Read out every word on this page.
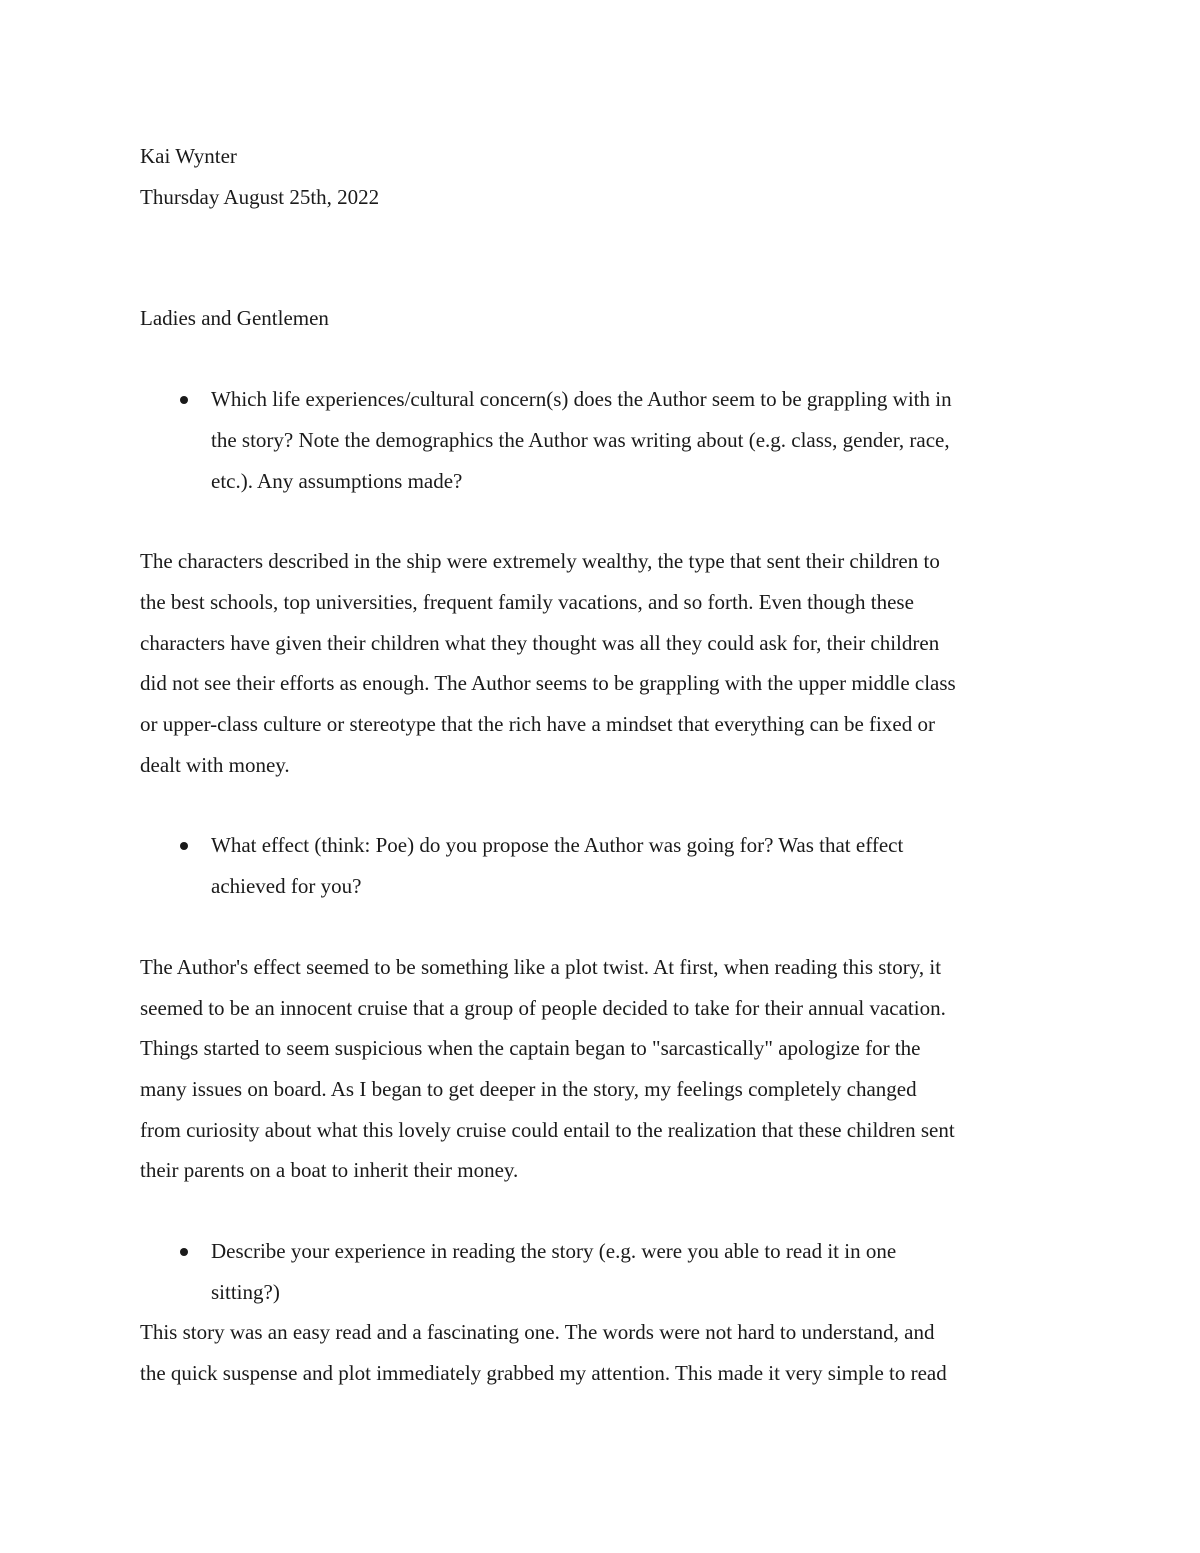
Kai Wynter

Thursday August 25th, 2022

Ladies and Gentlemen

Which life experiences/cultural concern(s) does the Author seem to be grappling with in
the story? Note the demographics the Author was writing about (e.g. class, gender, race,
etc.). Any assumptions made?
The characters described in the ship were extremely wealthy, the type that sent their children to
the best schools, top universities, frequent family vacations, and so forth. Even though these
characters have given their children what they thought was all they could ask for, their children
did not see their efforts as enough. The Author seems to be grappling with the upper middle class
or upper-class culture or stereotype that the rich have a mindset that everything can be fixed or
dealt with money.
What effect (think: Poe) do you propose the Author was going for? Was that effect
achieved for you?
The Author's effect seemed to be something like a plot twist. At first, when reading this story, it
seemed to be an innocent cruise that a group of people decided to take for their annual vacation.
Things started to seem suspicious when the captain began to "sarcastically" apologize for the
many issues on board. As I began to get deeper in the story, my feelings completely changed
from curiosity about what this lovely cruise could entail to the realization that these children sent
their parents on a boat to inherit their money.
Describe your experience in reading the story (e.g. were you able to read it in one
sitting?)
This story was an easy read and a fascinating one. The words were not hard to understand, and
the quick suspense and plot immediately grabbed my attention. This made it very simple to read
